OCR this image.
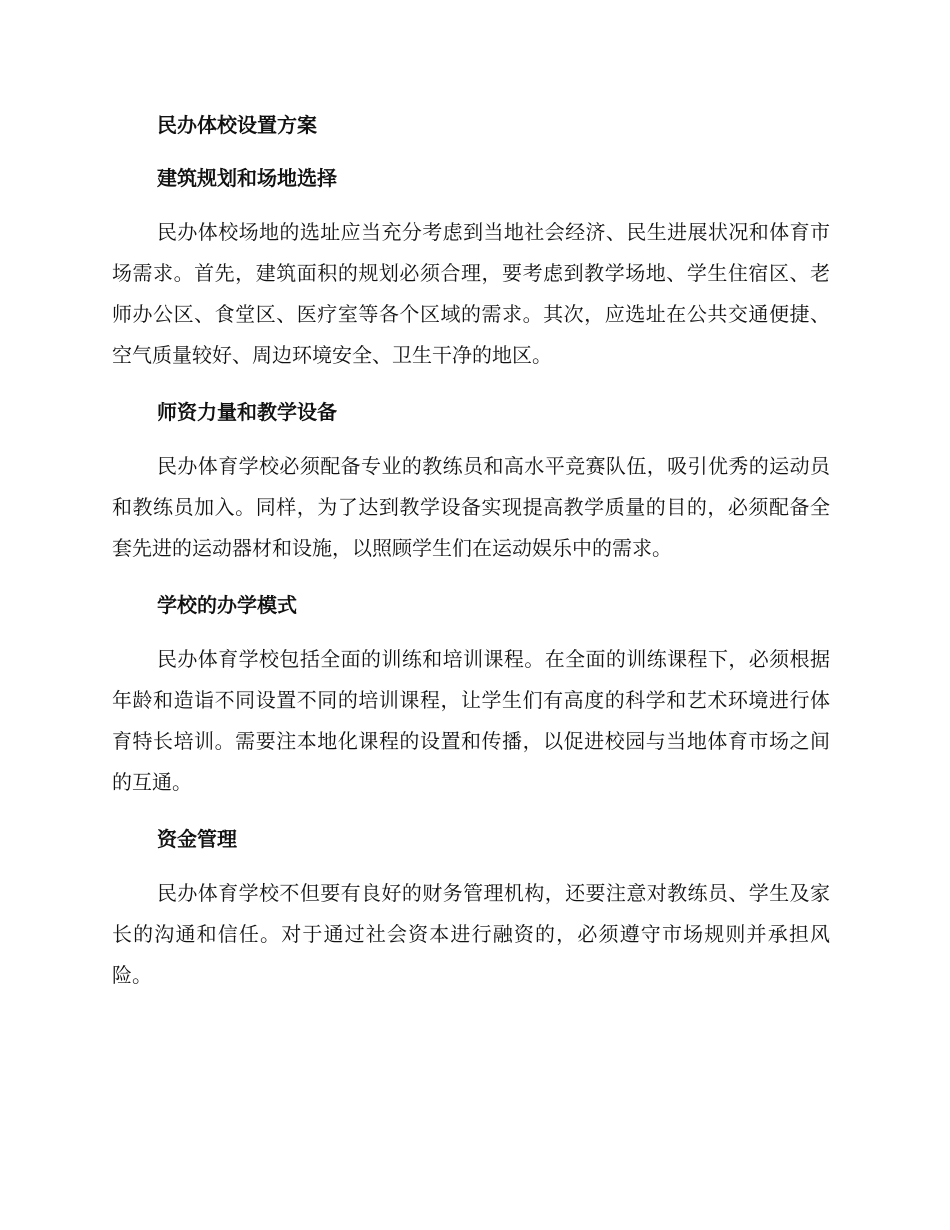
民办体校设置方案
建筑规划和场地选择

民办体校场地的选址应当充分考虑到当地社会经济、民生进展状况和体育市场需求。首先，建筑面积的规划必须合理，要考虑到教学场地、学生住宿区、老师办公区、食堂区、医疗室等各个区域的需求。其次，应选址在公共交通便捷、空气质量较好、周边环境安全、卫生干净的地区。

师资力量和教学设备

民办体育学校必须配备专业的教练员和高水平竞赛队伍，吸引优秀的运动员和教练员加入。同样，为了达到教学设备实现提高教学质量的目的，必须配备全套先进的运动器材和设施，以照顾学生们在运动娱乐中的需求。

学校的办学模式

民办体育学校包括全面的训练和培训课程。在全面的训练课程下，必须根据年龄和造诣不同设置不同的培训课程，让学生们有高度的科学和艺术环境进行体育特长培训。需要注本地化课程的设置和传播，以促进校园与当地体育市场之间的互通。

资金管理

民办体育学校不但要有良好的财务管理机构，还要注意对教练员、学生及家长的沟通和信任。对于通过社会资本进行融资的，必须遵守市场规则并承担风险。
